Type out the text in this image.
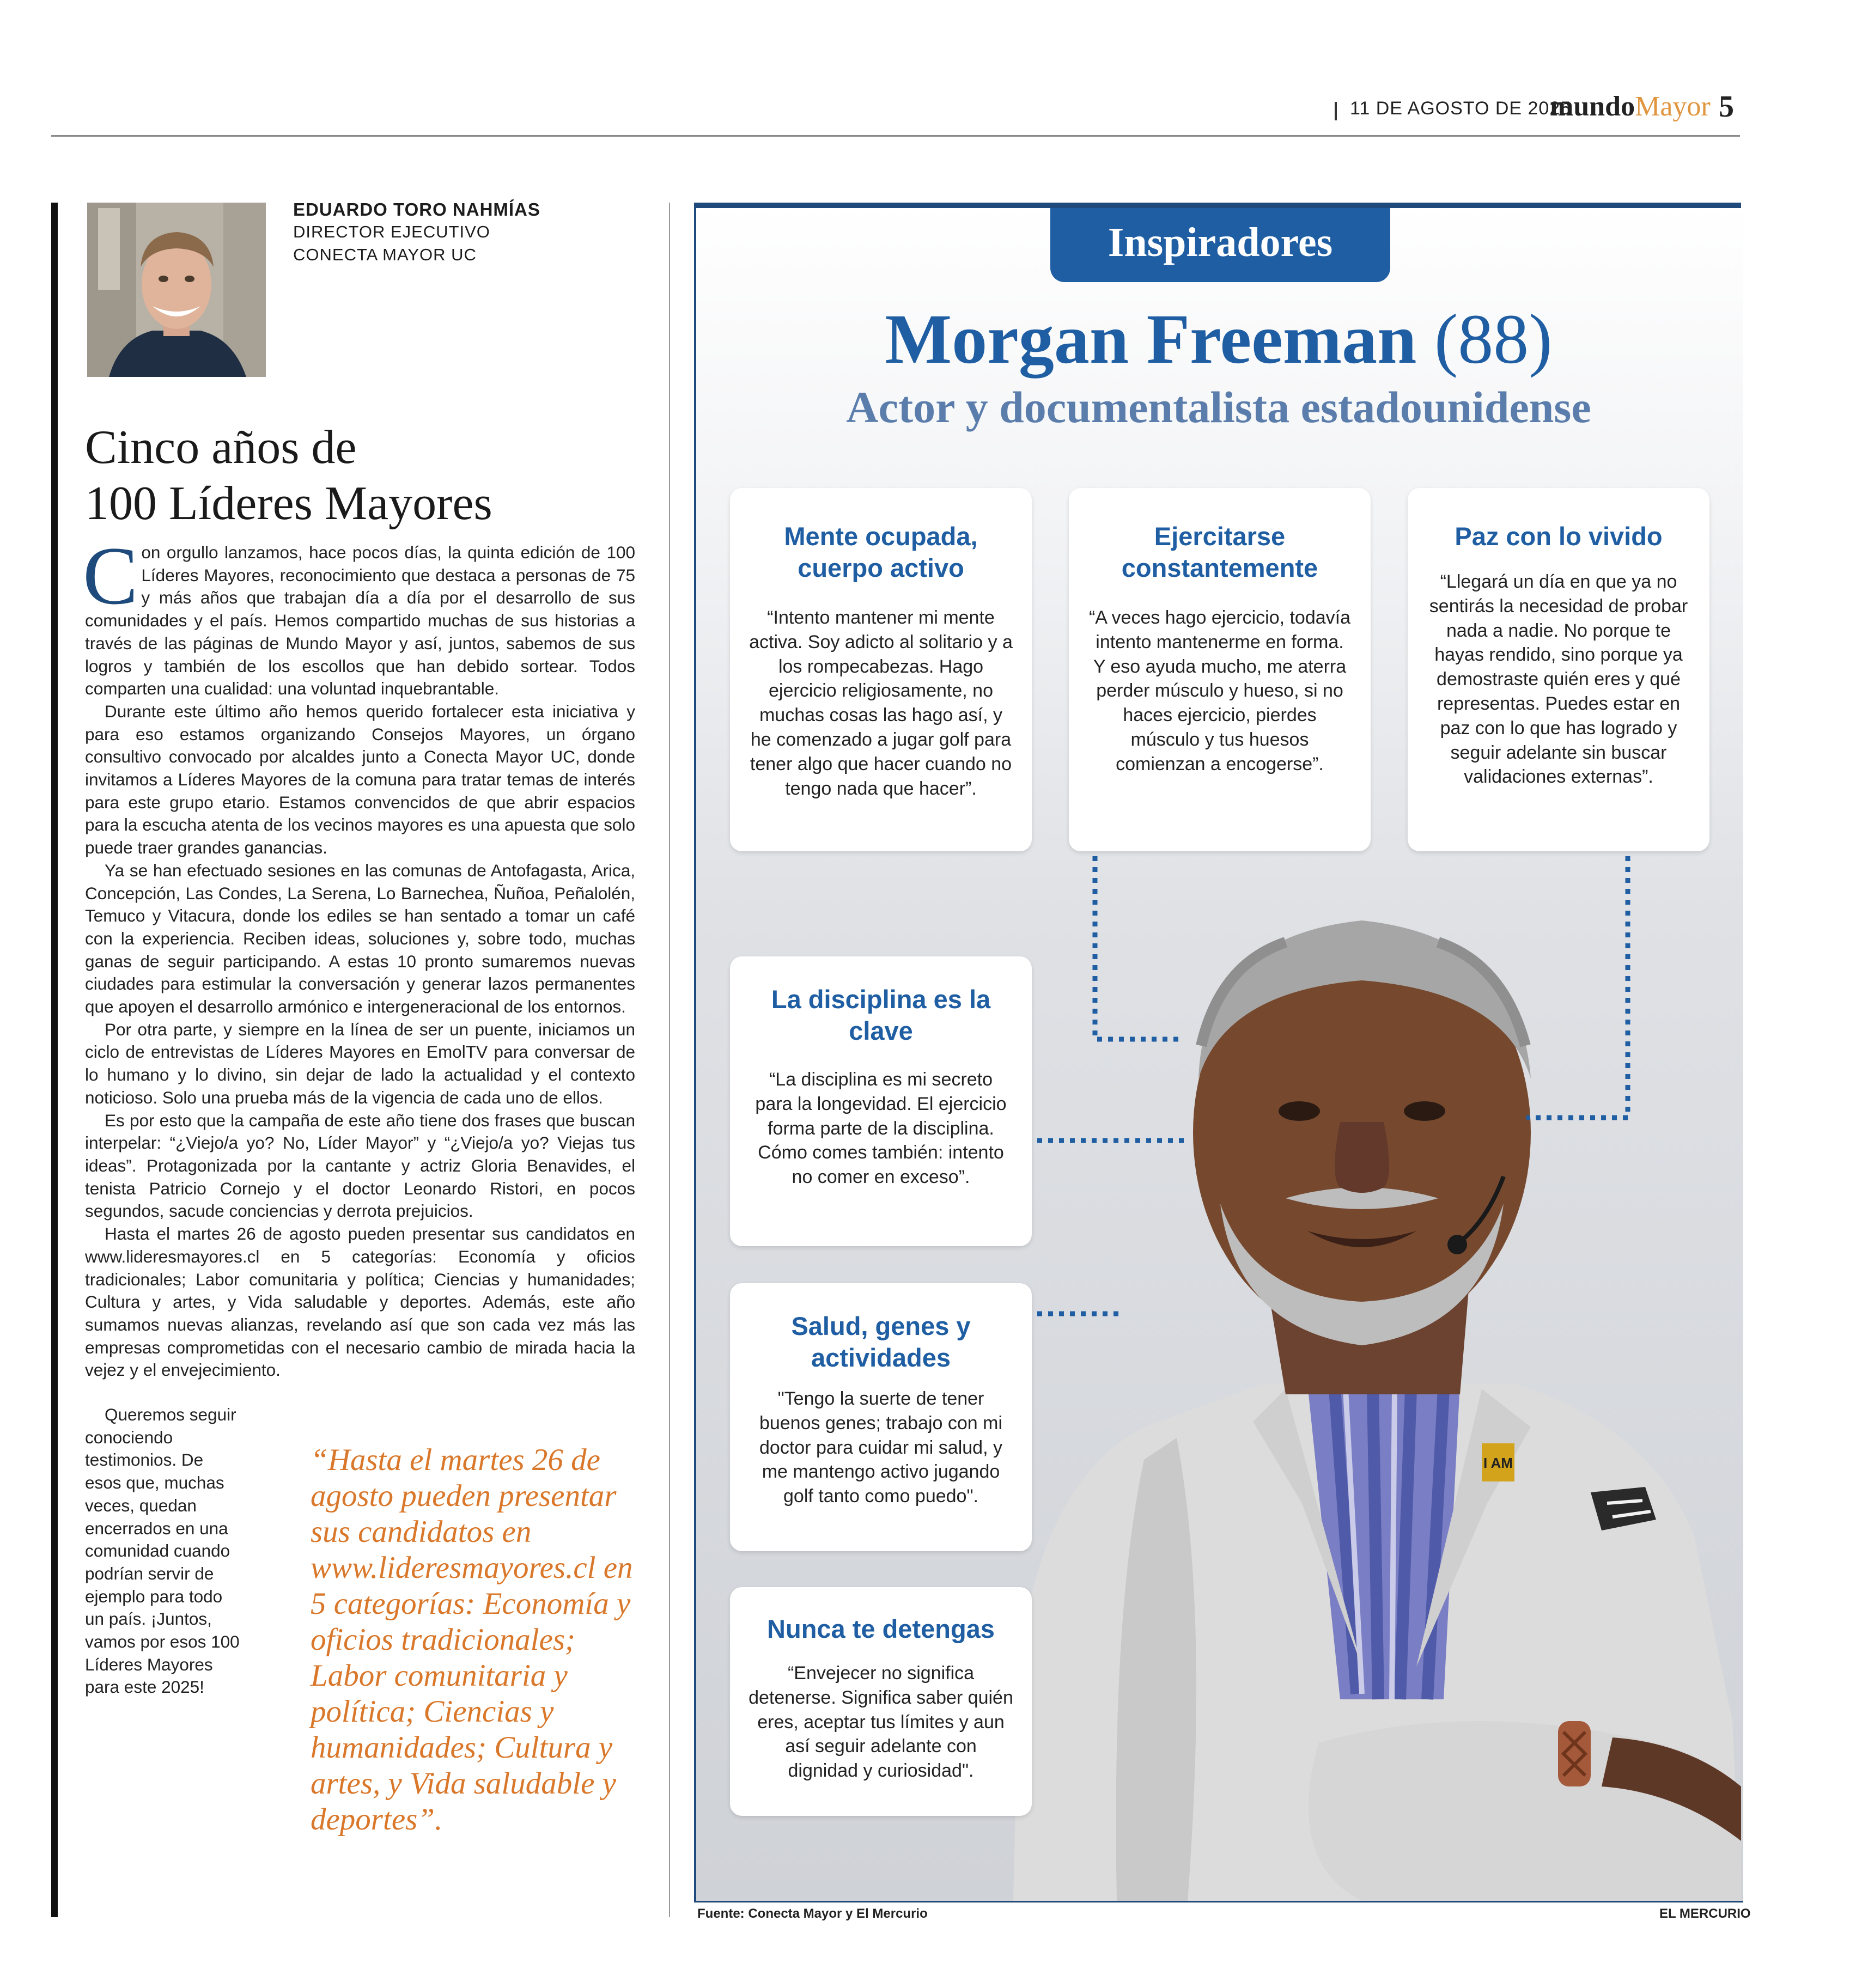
11 DE AGOSTO DE 2025
mundoMayor 5
EDUARDO TORO NAHMÍAS
DIRECTOR EJECUTIVO
CONECTA MAYOR UC
Cinco años de
100 Líderes Mayores

Con orgullo lanzamos, hace pocos días, la quinta edición de 100 Líderes Mayores, reconocimiento que destaca a personas de 75 y más años que trabajan día a día por el desarrollo de sus comunidades y el país. Hemos compartido muchas de sus historias a través de las páginas de Mundo Mayor y así, juntos, sabemos de sus logros y también de los escollos que han debido sortear. Todos comparten una cualidad: una voluntad inquebrantable.

Durante este último año hemos querido fortalecer esta iniciativa y para eso estamos organizando Consejos Mayores, un órgano consultivo convocado por alcaldes junto a Conecta Mayor UC, donde invitamos a Líderes Mayores de la comuna para tratar temas de interés para este grupo etario. Estamos convencidos de que abrir espacios para la escucha atenta de los vecinos mayores es una apuesta que solo puede traer grandes ganancias.

Ya se han efectuado sesiones en las comunas de Antofagasta, Arica, Concepción, Las Condes, La Serena, Lo Barnechea, Ñuñoa, Peñalolén, Temuco y Vitacura, donde los ediles se han sentado a tomar un café con la experiencia. Reciben ideas, soluciones y, sobre todo, muchas ganas de seguir participando. A estas 10 pronto sumaremos nuevas ciudades para estimular la conversación y generar lazos permanentes que apoyen el desarrollo armónico e intergeneracional de los entornos.

Por otra parte, y siempre en la línea de ser un puente, iniciamos un ciclo de entrevistas de Líderes Mayores en EmolTV para conversar de lo humano y lo divino, sin dejar de lado la actualidad y el contexto noticioso. Solo una prueba más de la vigencia de cada uno de ellos.

Es por esto que la campaña de este año tiene dos frases que buscan interpelar: “¿Viejo/a yo? No, Líder Mayor” y “¿Viejo/a yo? Viejas tus ideas”. Protagonizada por la cantante y actriz Gloria Benavides, el tenista Patricio Cornejo y el doctor Leonardo Ristori, en pocos segundos, sacude conciencias y derrota prejuicios.

Hasta el martes 26 de agosto pueden presentar sus candidatos en www.lideresmayores.cl en 5 categorías: Economía y oficios tradicionales; Labor comunitaria y política; Ciencias y humanidades; Cultura y artes, y Vida saludable y deportes. Además, este año sumamos nuevas alianzas, revelando así que son cada vez más las empresas comprometidas con el necesario cambio de mirada hacia la vejez y el envejecimiento.

Queremos seguir conociendo testimonios. De esos que, muchas veces, quedan encerrados en una comunidad cuando podrían servir de ejemplo para todo un país. ¡Juntos, vamos por esos 100 Líderes Mayores para este 2025!

“Hasta el martes 26 de agosto pueden presentar sus candidatos en www.lideresmayores.cl en 5 categorías: Economía y oficios tradicionales; Labor comunitaria y política; Ciencias y humanidades; Cultura y artes, y Vida saludable y deportes”.
Inspiradores
Morgan Freeman (88)
Actor y documentalista estadounidense
I AM
Mente ocupada, cuerpo activo

“Intento mantener mi mente activa. Soy adicto al solitario y a los rompecabezas. Hago ejercicio religiosamente, no muchas cosas las hago así, y he comenzado a jugar golf para tener algo que hacer cuando no tengo nada que hacer”.

Ejercitarse constantemente

“A veces hago ejercicio, todavía intento mantenerme en forma. Y eso ayuda mucho, me aterra perder músculo y hueso, si no haces ejercicio, pierdes músculo y tus huesos comienzan a encogerse”.

Paz con lo vivido

“Llegará un día en que ya no sentirás la necesidad de probar nada a nadie. No porque te hayas rendido, sino porque ya demostraste quién eres y qué representas. Puedes estar en paz con lo que has logrado y seguir adelante sin buscar validaciones externas”.

La disciplina es la clave

“La disciplina es mi secreto para la longevidad. El ejercicio forma parte de la disciplina. Cómo comes también: intento no comer en exceso”.

Salud, genes y actividades

"Tengo la suerte de tener buenos genes; trabajo con mi doctor para cuidar mi salud, y me mantengo activo jugando golf tanto como puedo".

Nunca te detengas

“Envejecer no significa detenerse. Significa saber quién eres, aceptar tus límites y aun así seguir adelante con dignidad y curiosidad".

Fuente: Conecta Mayor y El Mercurio	EL MERCURIO
